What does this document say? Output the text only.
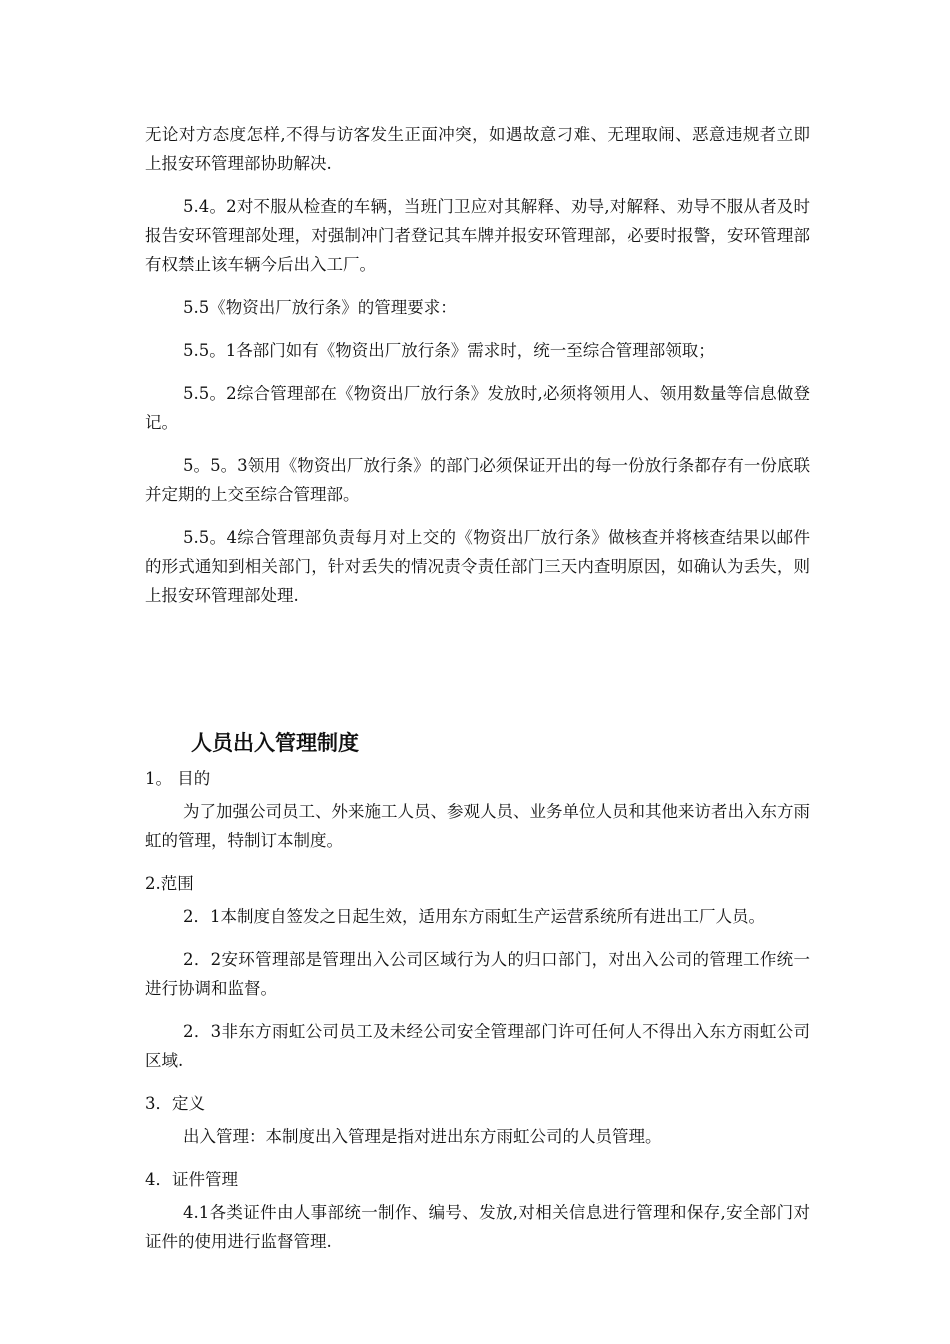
无论对方态度怎样,不得与访客发生正面冲突，如遇故意刁难、无理取闹、恶意违规者立即上报安环管理部协助解决.

5.4。2对不服从检查的车辆，当班门卫应对其解释、劝导,对解释、劝导不服从者及时报告安环管理部处理，对强制冲门者登记其车牌并报安环管理部，必要时报警，安环管理部有权禁止该车辆今后出入工厂。

5.5《物资出厂放行条》的管理要求：

5.5。1各部门如有《物资出厂放行条》需求时，统一至综合管理部领取；

5.5。2综合管理部在《物资出厂放行条》发放时,必须将领用人、领用数量等信息做登记。

5。5。3领用《物资出厂放行条》的部门必须保证开出的每一份放行条都存有一份底联并定期的上交至综合管理部。

5.5。4综合管理部负责每月对上交的《物资出厂放行条》做核查并将核查结果以邮件的形式通知到相关部门，针对丢失的情况责令责任部门三天内查明原因，如确认为丢失，则上报安环管理部处理.

人员出入管理制度

1。 目的

为了加强公司员工、外来施工人员、参观人员、业务单位人员和其他来访者出入东方雨虹的管理，特制订本制度。

2.范围

2．1本制度自签发之日起生效，适用东方雨虹生产运营系统所有进出工厂人员。

2．2安环管理部是管理出入公司区域行为人的归口部门，对出入公司的管理工作统一进行协调和监督。

2．3非东方雨虹公司员工及未经公司安全管理部门许可任何人不得出入东方雨虹公司区域.

3．定义

出入管理：本制度出入管理是指对进出东方雨虹公司的人员管理。

4．证件管理

4.1各类证件由人事部统一制作、编号、发放,对相关信息进行管理和保存,安全部门对证件的使用进行监督管理.
